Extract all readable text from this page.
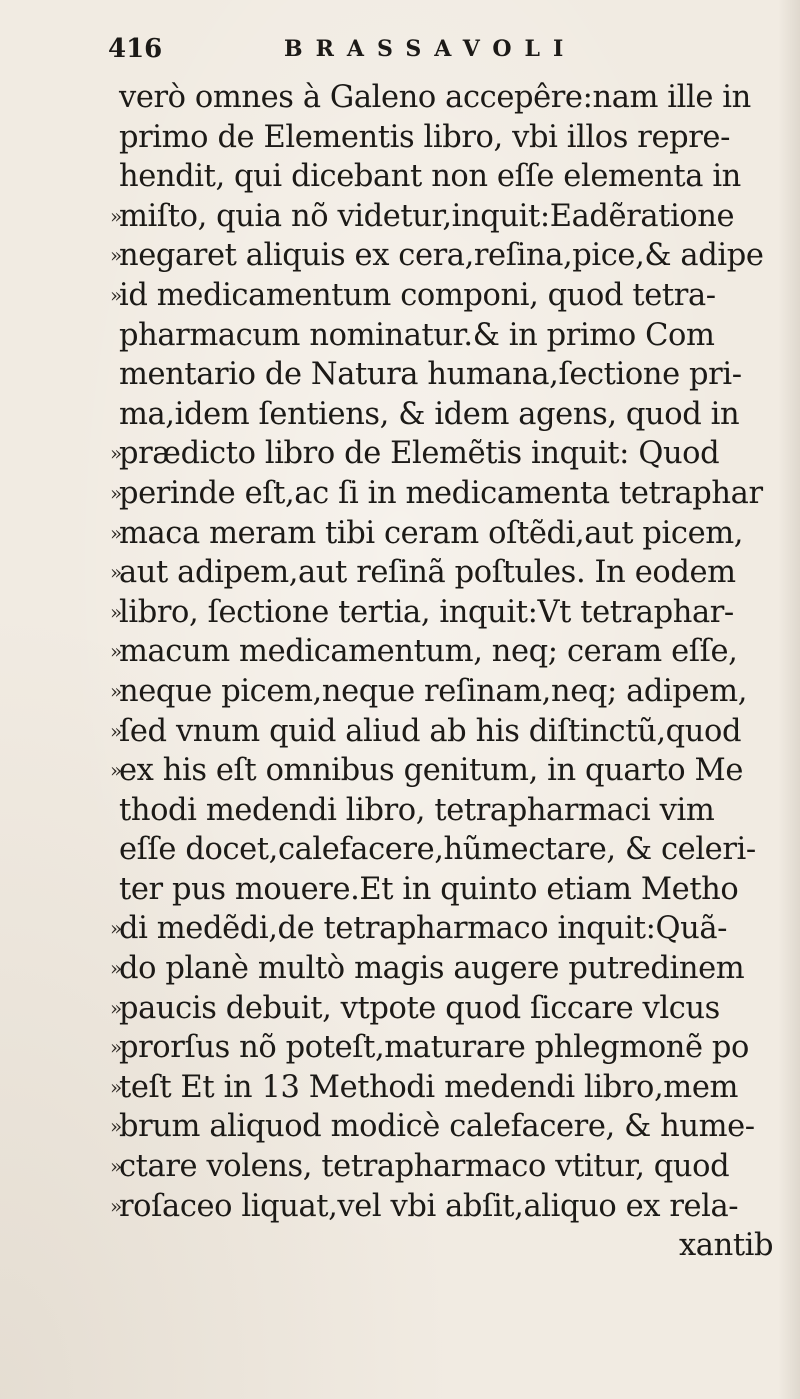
416	BRASSAVOLI
verò omnes à Galeno accepêre:nam ille in
primo de Elementis libro, vbi illos repre-
hendit, qui dicebant non eſſe elementa in
»
miſto, quia nõ videtur,inquit:Eadẽratione
»
negaret aliquis ex cera,reſina,pice,& adipe
»
id medicamentum componi, quod tetra-
pharmacum nominatur.& in primo Com
mentario de Natura humana,ſectione pri-
ma,idem ſentiens, & idem agens, quod in
»
prædicto libro de Elemẽtis inquit: Quod
»
perinde eſt,ac ſi in medicamenta tetraphar
»
maca meram tibi ceram oſtẽdi,aut picem,
»
aut adipem,aut reſinã poſtules. In eodem
»
libro, ſectione tertia, inquit:Vt tetraphar-
»
macum medicamentum, neq; ceram eſſe,
»
neque picem,neque reſinam,neq; adipem,
»
ſed vnum quid aliud ab his diſtinctũ,quod
»
ex his eſt omnibus genitum, in quarto Me
thodi medendi libro, tetrapharmaci vim
eſſe docet,calefacere,hũmectare, & celeri-
ter pus mouere.Et in quinto etiam Metho
»
di medẽdi,de tetrapharmaco inquit:Quã-
»
do planè multò magis augere putredinem
»
paucis debuit, vtpote quod ſiccare vlcus
»
prorſus nõ poteſt,maturare phlegmonẽ po
»
teſt Et in 13 Methodi medendi libro,mem
»
brum aliquod modicè calefacere, & hume-
»
ctare volens, tetrapharmaco vtitur, quod
»
roſaceo liquat,vel vbi abſit,aliquo ex rela-
xantib
